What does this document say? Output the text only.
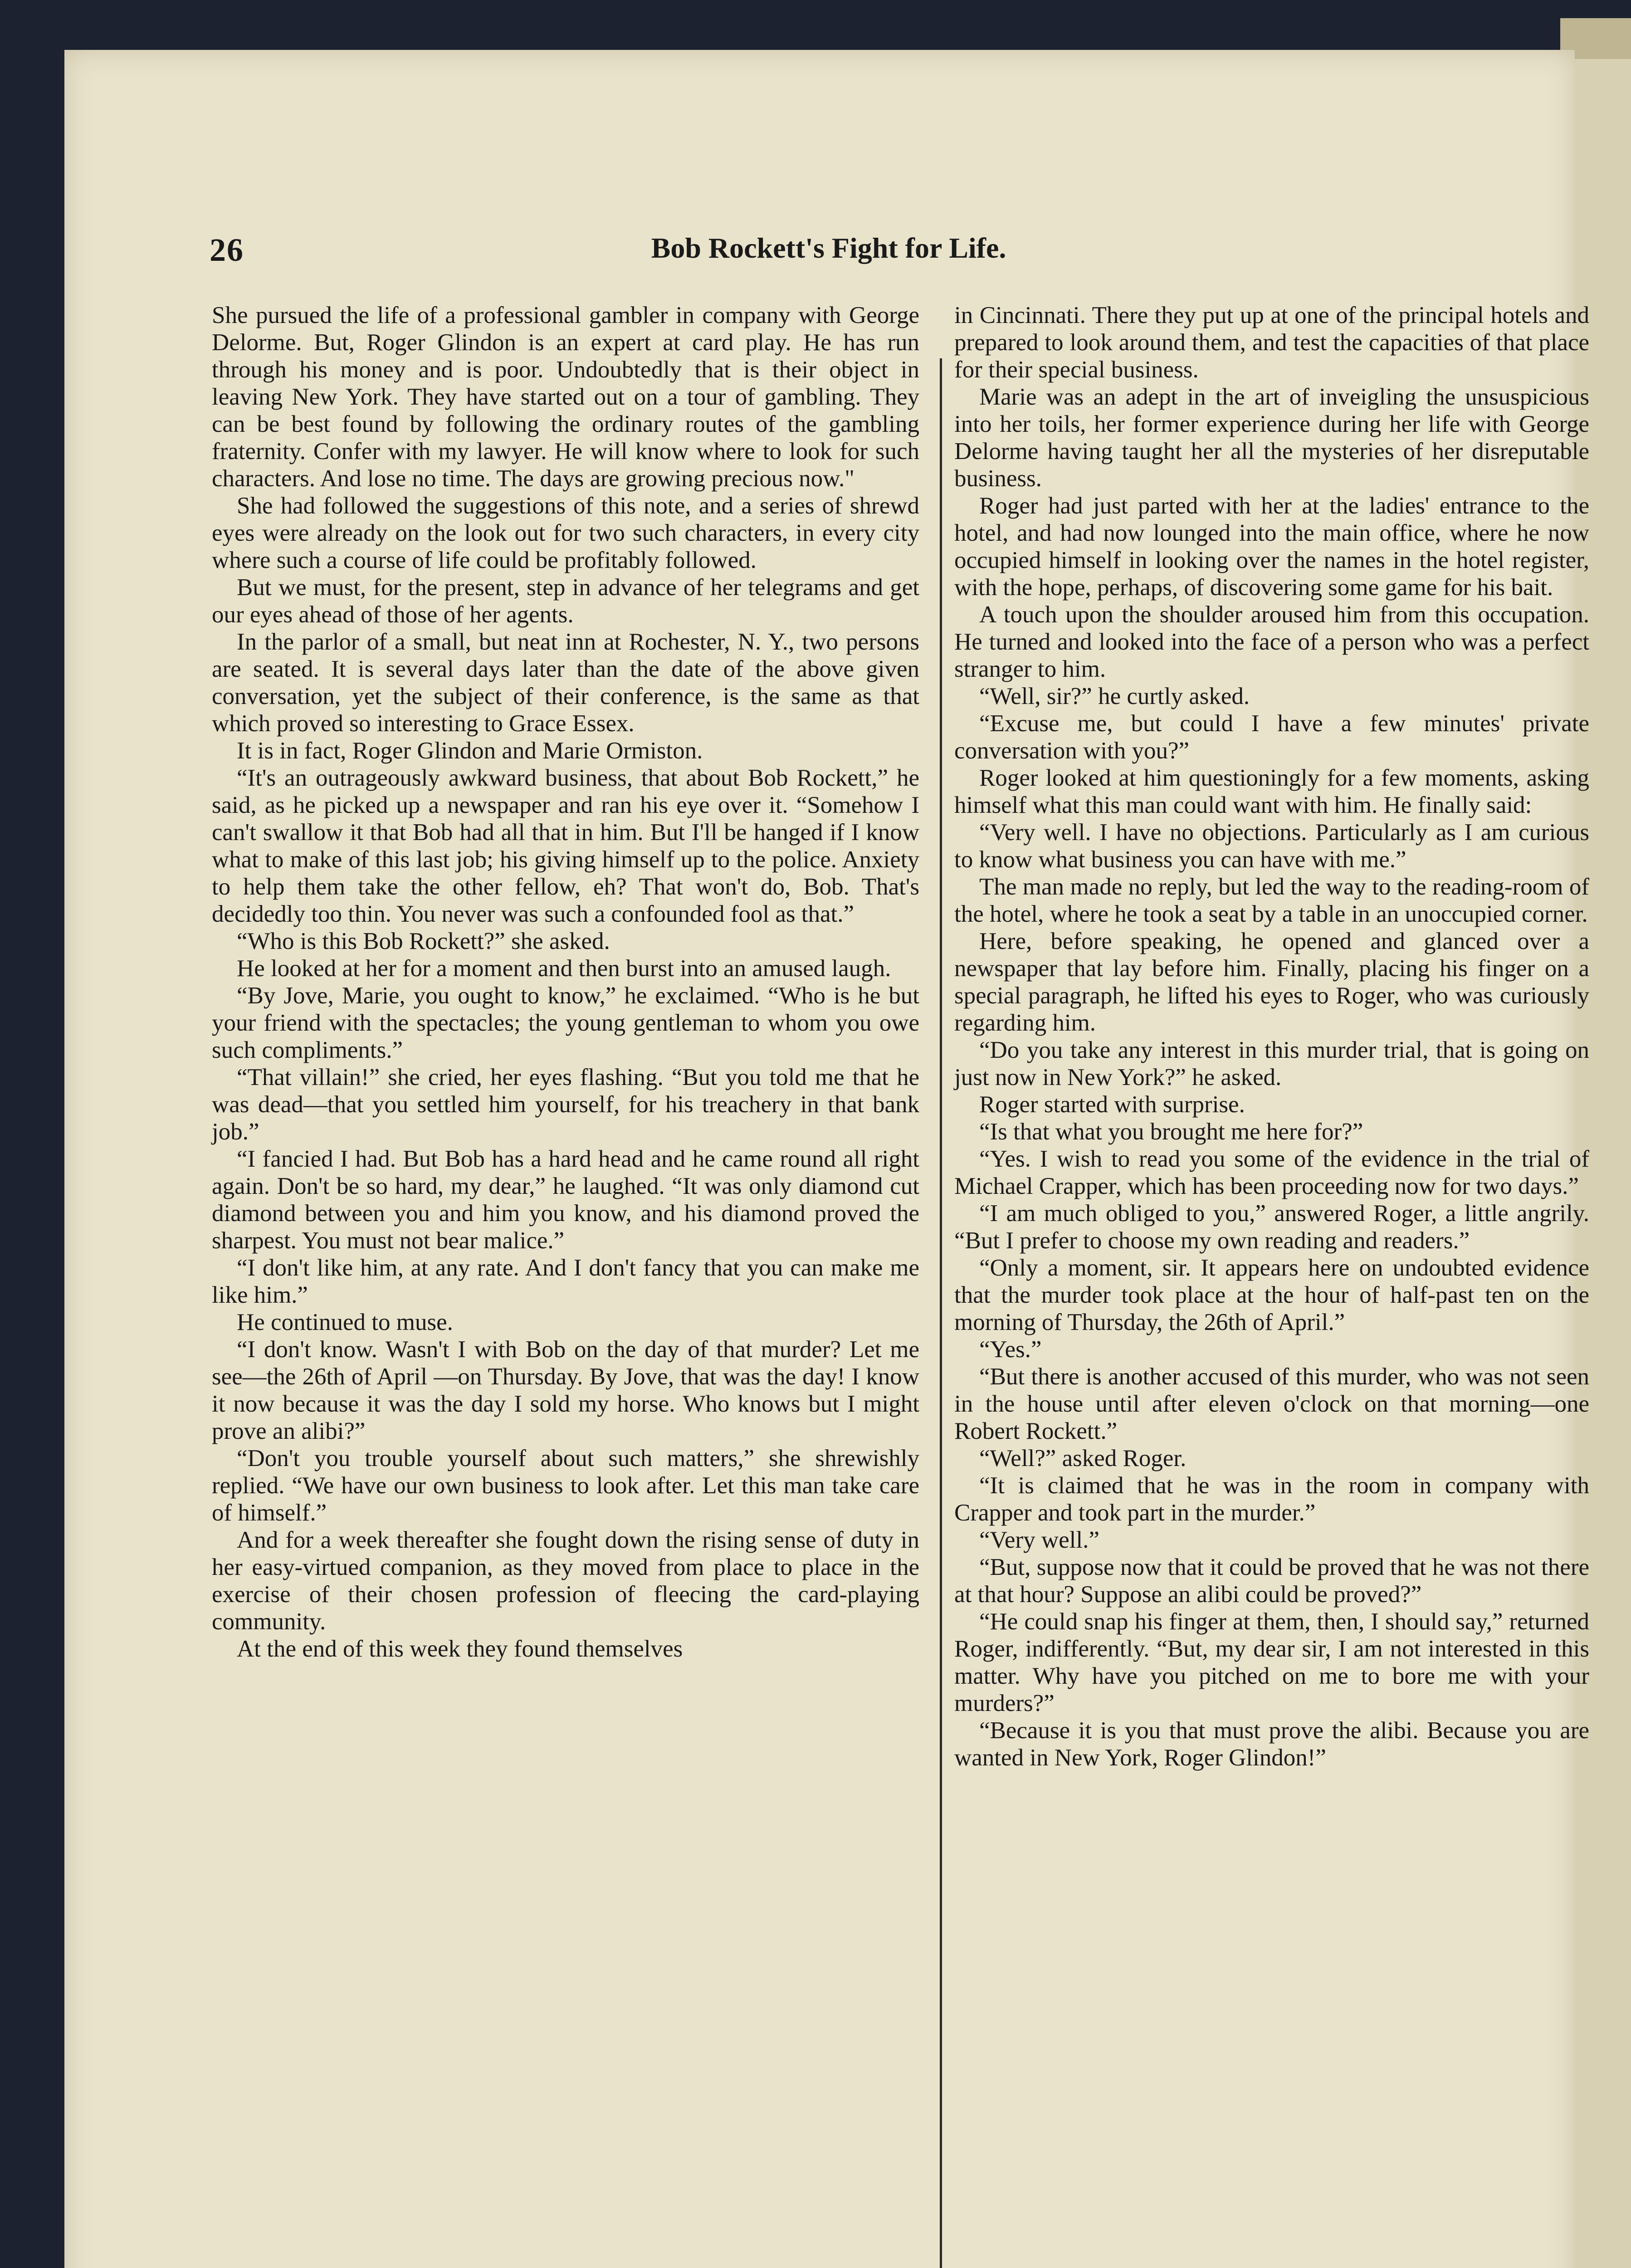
26	Bob Rockett's Fight for Life.

She pursued the life of a professional gambler in company with George Delorme. But, Roger Glindon is an expert at card play. He has run through his money and is poor. Undoubtedly that is their object in leaving New York. They have started out on a tour of gambling. They can be best found by following the ordinary routes of the gambling fraternity. Confer with my lawyer. He will know where to look for such characters. And lose no time. The days are growing precious now."

She had followed the suggestions of this note, and a series of shrewd eyes were already on the look out for two such characters, in every city where such a course of life could be profitably followed.

But we must, for the present, step in advance of her telegrams and get our eyes ahead of those of her agents.

In the parlor of a small, but neat inn at Rochester, N. Y., two persons are seated. It is several days later than the date of the above given conversation, yet the subject of their conference, is the same as that which proved so interesting to Grace Essex.

It is in fact, Roger Glindon and Marie Ormiston.

“It's an outrageously awkward business, that about Bob Rockett,” he said, as he picked up a newspaper and ran his eye over it. “Somehow I can't swallow it that Bob had all that in him. But I'll be hanged if I know what to make of this last job; his giving himself up to the police. Anxiety to help them take the other fellow, eh? That won't do, Bob. That's decidedly too thin. You never was such a confounded fool as that.”

“Who is this Bob Rockett?” she asked.

He looked at her for a moment and then burst into an amused laugh.

“By Jove, Marie, you ought to know,” he exclaimed. “Who is he but your friend with the spectacles; the young gentleman to whom you owe such compliments.”

“That villain!” she cried, her eyes flashing. “But you told me that he was dead—that you settled him yourself, for his treachery in that bank job.”

“I fancied I had. But Bob has a hard head and he came round all right again. Don't be so hard, my dear,” he laughed. “It was only diamond cut diamond between you and him you know, and his diamond proved the sharpest. You must not bear malice.”

“I don't like him, at any rate. And I don't fancy that you can make me like him.”

He continued to muse.

“I don't know. Wasn't I with Bob on the day of that murder? Let me see—the 26th of April —on Thursday. By Jove, that was the day! I know it now because it was the day I sold my horse. Who knows but I might prove an alibi?”

“Don't you trouble yourself about such matters,” she shrewishly replied. “We have our own business to look after. Let this man take care of himself.”

And for a week thereafter she fought down the rising sense of duty in her easy-virtued companion, as they moved from place to place in the exercise of their chosen profession of fleecing the card-playing community.

At the end of this week they found themselves

in Cincinnati. There they put up at one of the principal hotels and prepared to look around them, and test the capacities of that place for their special business.

Marie was an adept in the art of inveigling the unsuspicious into her toils, her former experience during her life with George Delorme having taught her all the mysteries of her disreputable business.

Roger had just parted with her at the ladies' entrance to the hotel, and had now lounged into the main office, where he now occupied himself in looking over the names in the hotel register, with the hope, perhaps, of discovering some game for his bait.

A touch upon the shoulder aroused him from this occupation. He turned and looked into the face of a person who was a perfect stranger to him.

“Well, sir?” he curtly asked.

“Excuse me, but could I have a few minutes' private conversation with you?”

Roger looked at him questioningly for a few moments, asking himself what this man could want with him. He finally said:

“Very well. I have no objections. Particularly as I am curious to know what business you can have with me.”

The man made no reply, but led the way to the reading-room of the hotel, where he took a seat by a table in an unoccupied corner.

Here, before speaking, he opened and glanced over a newspaper that lay before him. Finally, placing his finger on a special paragraph, he lifted his eyes to Roger, who was curiously regarding him.

“Do you take any interest in this murder trial, that is going on just now in New York?” he asked.

Roger started with surprise.

“Is that what you brought me here for?”

“Yes. I wish to read you some of the evidence in the trial of Michael Crapper, which has been proceeding now for two days.”

“I am much obliged to you,” answered Roger, a little angrily. “But I prefer to choose my own reading and readers.”

“Only a moment, sir. It appears here on undoubted evidence that the murder took place at the hour of half-past ten on the morning of Thursday, the 26th of April.”

“Yes.”

“But there is another accused of this murder, who was not seen in the house until after eleven o'clock on that morning—one Robert Rockett.”

“Well?” asked Roger.

“It is claimed that he was in the room in company with Crapper and took part in the murder.”

“Very well.”

“But, suppose now that it could be proved that he was not there at that hour? Suppose an alibi could be proved?”

“He could snap his finger at them, then, I should say,” returned Roger, indifferently. “But, my dear sir, I am not interested in this matter. Why have you pitched on me to bore me with your murders?”

“Because it is you that must prove the alibi. Because you are wanted in New York, Roger Glindon!”
